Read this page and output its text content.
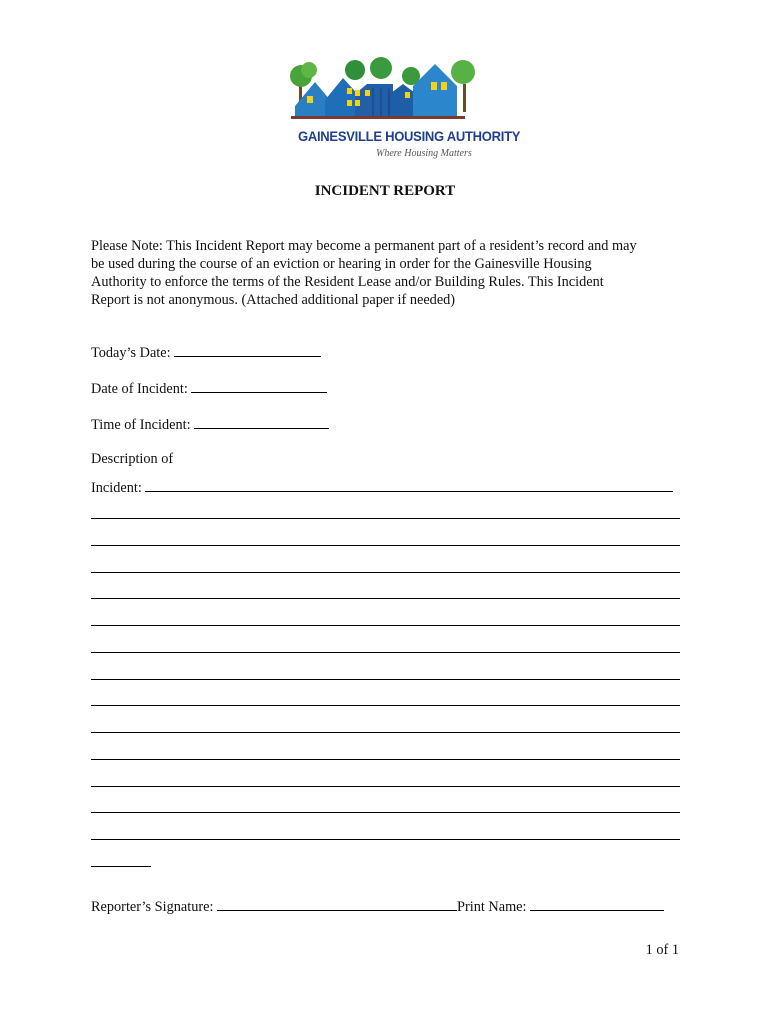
GAINESVILLE HOUSING AUTHORITY
Where Housing Matters
INCIDENT REPORT
Please Note: This Incident Report may become a permanent part of a resident’s record and may
be used during the course of an eviction or hearing in order for the Gainesville Housing
Authority to enforce the terms of the Resident Lease and/or Building Rules. This Incident
Report is not anonymous. (Attached additional paper if needed)
Today’s Date:
Date of Incident:
Time of Incident:
Description of
Incident:
Reporter’s Signature:	Print Name:
1 of 1
